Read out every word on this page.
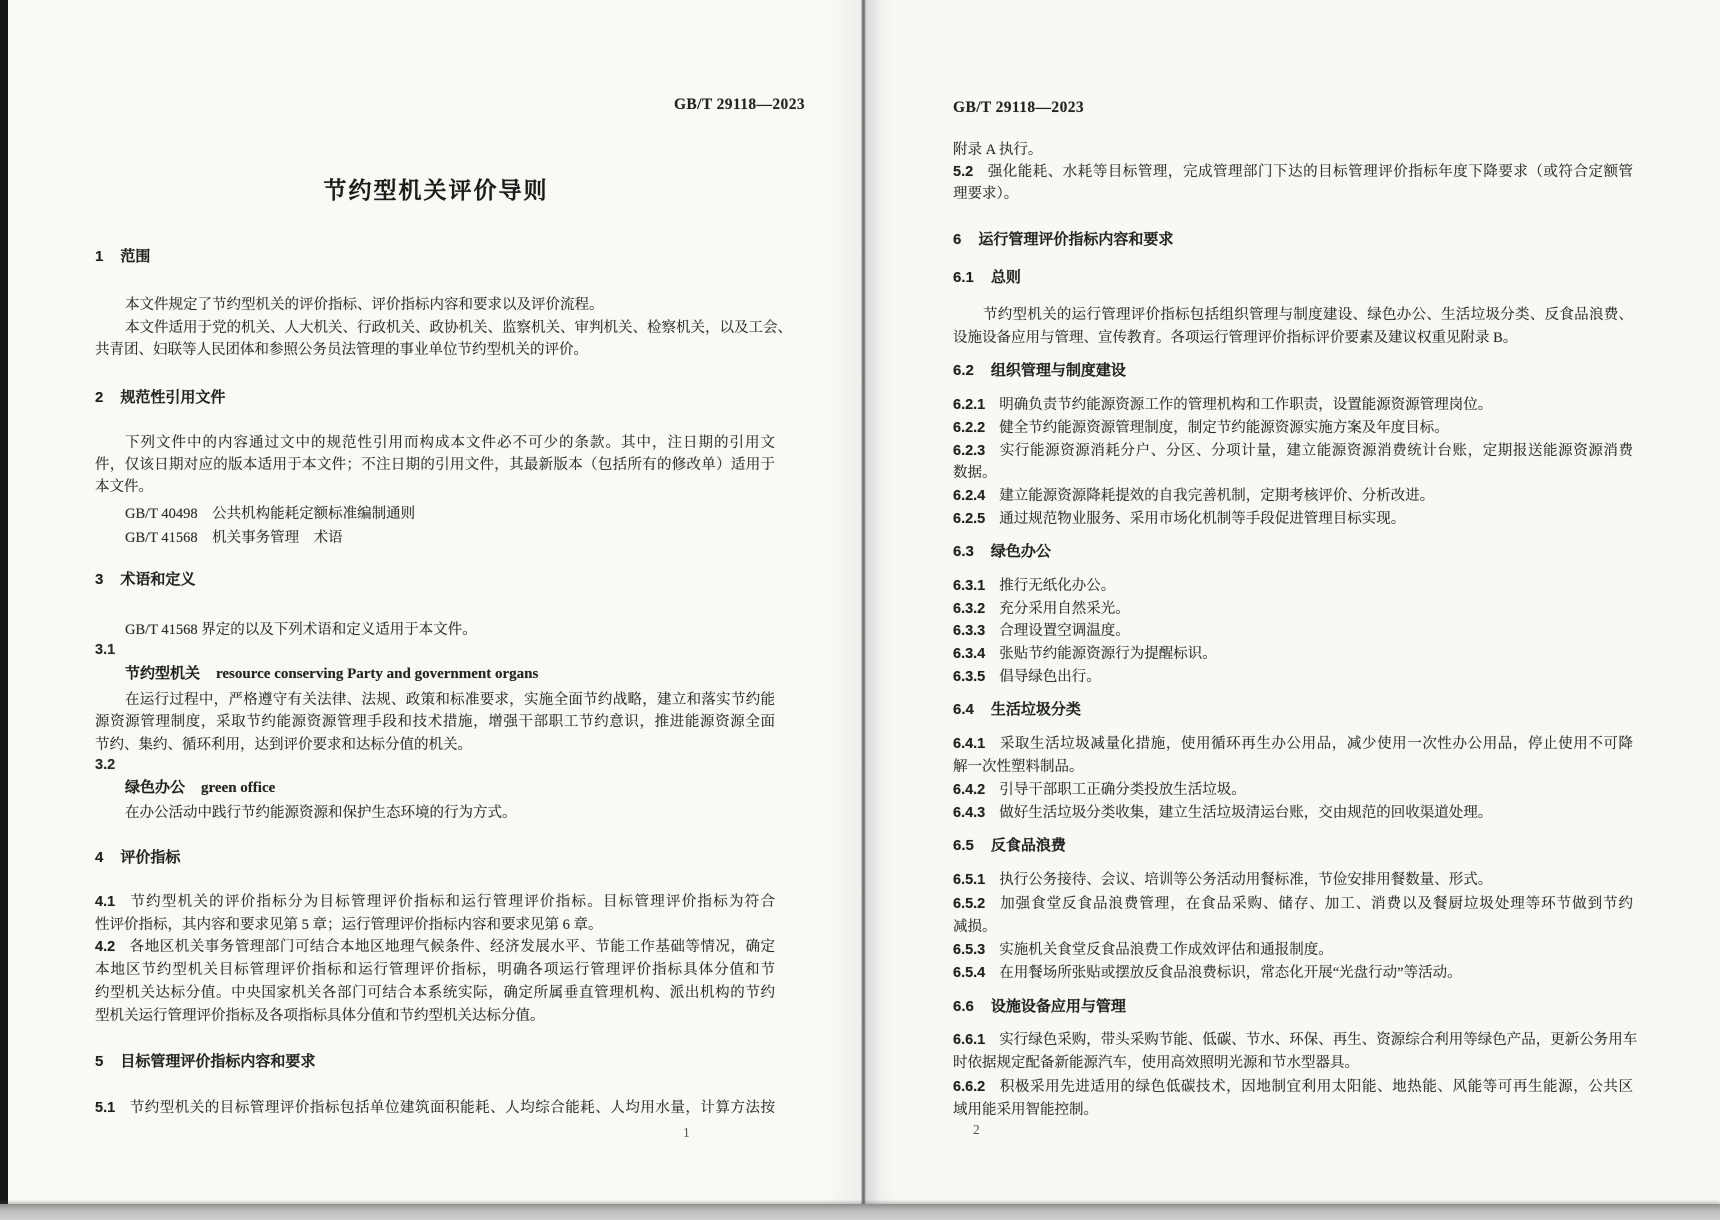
GB/T 29118—2023
节约型机关评价导则
1 范围
本文件规定了节约型机关的评价指标、评价指标内容和要求以及评价流程。
本文件适用于党的机关、人大机关、行政机关、政协机关、监察机关、审判机关、检察机关，以及工会、
共青团、妇联等人民团体和参照公务员法管理的事业单位节约型机关的评价。
2 规范性引用文件
下列文件中的内容通过文中的规范性引用而构成本文件必不可少的条款。其中，注日期的引用文
件，仅该日期对应的版本适用于本文件；不注日期的引用文件，其最新版本（包括所有的修改单）适用于
本文件。
GB/T 40498　公共机构能耗定额标准编制通则
GB/T 41568　机关事务管理　术语
3 术语和定义
GB/T 41568 界定的以及下列术语和定义适用于本文件。
3.1
节约型机关 resource conserving Party and government organs
在运行过程中，严格遵守有关法律、法规、政策和标准要求，实施全面节约战略，建立和落实节约能
源资源管理制度，采取节约能源资源管理手段和技术措施，增强干部职工节约意识，推进能源资源全面
节约、集约、循环利用，达到评价要求和达标分值的机关。
3.2
绿色办公 green office
在办公活动中践行节约能源资源和保护生态环境的行为方式。
4 评价指标
4.1 节约型机关的评价指标分为目标管理评价指标和运行管理评价指标。目标管理评价指标为符合
性评价指标，其内容和要求见第 5 章；运行管理评价指标内容和要求见第 6 章。
4.2 各地区机关事务管理部门可结合本地区地理气候条件、经济发展水平、节能工作基础等情况，确定
本地区节约型机关目标管理评价指标和运行管理评价指标，明确各项运行管理评价指标具体分值和节
约型机关达标分值。中央国家机关各部门可结合本系统实际，确定所属垂直管理机构、派出机构的节约
型机关运行管理评价指标及各项指标具体分值和节约型机关达标分值。
5 目标管理评价指标内容和要求
5.1 节约型机关的目标管理评价指标包括单位建筑面积能耗、人均综合能耗、人均用水量，计算方法按
1
GB/T 29118—2023
附录 A 执行。
5.2 强化能耗、水耗等目标管理，完成管理部门下达的目标管理评价指标年度下降要求（或符合定额管
理要求）。
6 运行管理评价指标内容和要求
6.1 总则
节约型机关的运行管理评价指标包括组织管理与制度建设、绿色办公、生活垃圾分类、反食品浪费、
设施设备应用与管理、宣传教育。各项运行管理评价指标评价要素及建议权重见附录 B。
6.2 组织管理与制度建设
6.2.1 明确负责节约能源资源工作的管理机构和工作职责，设置能源资源管理岗位。
6.2.2 健全节约能源资源管理制度，制定节约能源资源实施方案及年度目标。
6.2.3 实行能源资源消耗分户、分区、分项计量，建立能源资源消费统计台账，定期报送能源资源消费
数据。
6.2.4 建立能源资源降耗提效的自我完善机制，定期考核评价、分析改进。
6.2.5 通过规范物业服务、采用市场化机制等手段促进管理目标实现。
6.3 绿色办公
6.3.1 推行无纸化办公。
6.3.2 充分采用自然采光。
6.3.3 合理设置空调温度。
6.3.4 张贴节约能源资源行为提醒标识。
6.3.5 倡导绿色出行。
6.4 生活垃圾分类
6.4.1 采取生活垃圾减量化措施，使用循环再生办公用品，减少使用一次性办公用品，停止使用不可降
解一次性塑料制品。
6.4.2 引导干部职工正确分类投放生活垃圾。
6.4.3 做好生活垃圾分类收集，建立生活垃圾清运台账，交由规范的回收渠道处理。
6.5 反食品浪费
6.5.1 执行公务接待、会议、培训等公务活动用餐标准，节俭安排用餐数量、形式。
6.5.2 加强食堂反食品浪费管理，在食品采购、储存、加工、消费以及餐厨垃圾处理等环节做到节约
减损。
6.5.3 实施机关食堂反食品浪费工作成效评估和通报制度。
6.5.4 在用餐场所张贴或摆放反食品浪费标识，常态化开展“光盘行动”等活动。
6.6 设施设备应用与管理
6.6.1 实行绿色采购，带头采购节能、低碳、节水、环保、再生、资源综合利用等绿色产品，更新公务用车
时依据规定配备新能源汽车，使用高效照明光源和节水型器具。
6.6.2 积极采用先进适用的绿色低碳技术，因地制宜利用太阳能、地热能、风能等可再生能源，公共区
域用能采用智能控制。
2
